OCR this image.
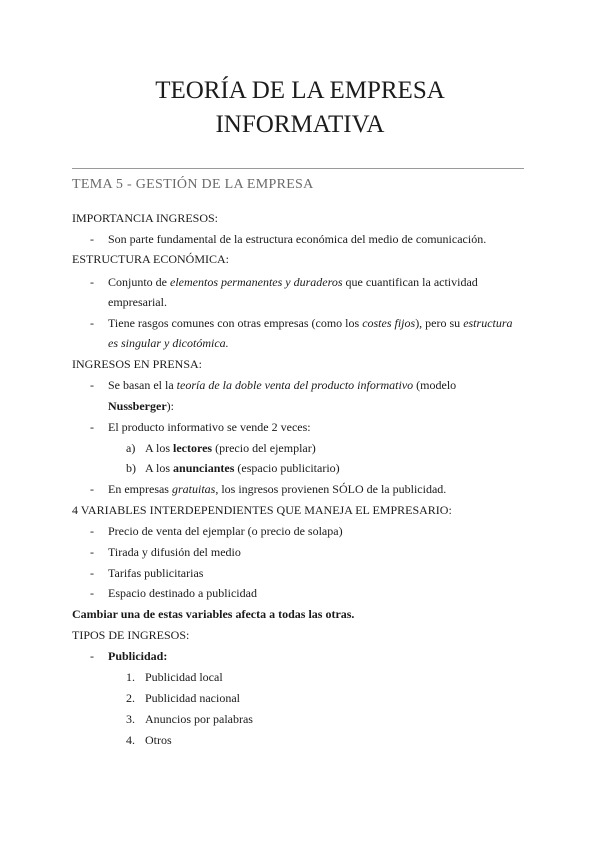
TEORÍA DE LA EMPRESA
INFORMATIVA
TEMA 5 - GESTIÓN DE LA EMPRESA
IMPORTANCIA INGRESOS:
- Son parte fundamental de la estructura económica del medio de comunicación.
ESTRUCTURA ECONÓMICA:
- Conjunto de elementos permanentes y duraderos que cuantifican la actividad
empresarial.
- Tiene rasgos comunes con otras empresas (como los costes fijos), pero su estructura
es singular y dicotómica.
INGRESOS EN PRENSA:
- Se basan el la teoría de la doble venta del producto informativo (modelo
Nussberger):
- El producto informativo se vende 2 veces:
a) A los lectores (precio del ejemplar)
b) A los anunciantes (espacio publicitario)
- En empresas gratuitas, los ingresos provienen SÓLO de la publicidad.
4 VARIABLES INTERDEPENDIENTES QUE MANEJA EL EMPRESARIO:
- Precio de venta del ejemplar (o precio de solapa)
- Tirada y difusión del medio
- Tarifas publicitarias
- Espacio destinado a publicidad
Cambiar una de estas variables afecta a todas las otras.
TIPOS DE INGRESOS:
- Publicidad:
1. Publicidad local
2. Publicidad nacional
3. Anuncios por palabras
4. Otros
